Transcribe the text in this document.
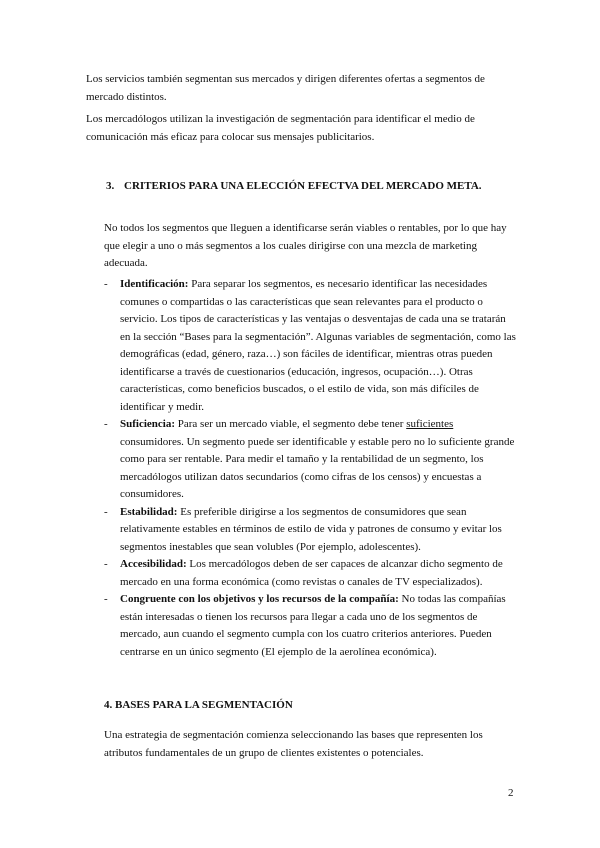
Los servicios también segmentan sus mercados y dirigen diferentes ofertas a segmentos de mercado distintos.

Los mercadólogos utilizan la investigación de segmentación para identificar el medio de comunicación más eficaz para colocar sus mensajes publicitarios.

3. CRITERIOS PARA UNA ELECCIÓN EFECTVA DEL MERCADO META.

No todos los segmentos que lleguen a identificarse serán viables o rentables, por lo que hay que elegir a uno o más segmentos a los cuales dirigirse con una mezcla de marketing adecuada.

- Identificación: Para separar los segmentos, es necesario identificar las necesidades comunes o compartidas o las características que sean relevantes para el producto o servicio. Los tipos de características y las ventajas o desventajas de cada una se tratarán en la sección “Bases para la segmentación”. Algunas variables de segmentación, como las demográficas (edad, género, raza…) son fáciles de identificar, mientras otras pueden identificarse a través de cuestionarios (educación, ingresos, ocupación…). Otras características, como beneficios buscados, o el estilo de vida, son más difíciles de identificar y medir.
- Suficiencia: Para ser un mercado viable, el segmento debe tener suficientes consumidores. Un segmento puede ser identificable y estable pero no lo suficiente grande como para ser rentable. Para medir el tamaño y la rentabilidad de un segmento, los mercadólogos utilizan datos secundarios (como cifras de los censos) y encuestas a consumidores.
- Estabilidad: Es preferible dirigirse a los segmentos de consumidores que sean relativamente estables en términos de estilo de vida y patrones de consumo y evitar los segmentos inestables que sean volubles (Por ejemplo, adolescentes).
- Accesibilidad: Los mercadólogos deben de ser capaces de alcanzar dicho segmento de mercado en una forma económica (como revistas o canales de TV especializados).
- Congruente con los objetivos y los recursos de la compañía: No todas las compañías están interesadas o tienen los recursos para llegar a cada uno de los segmentos de mercado, aun cuando el segmento cumpla con los cuatro criterios anteriores. Pueden centrarse en un único segmento (El ejemplo de la aerolínea económica).
4. BASES PARA LA SEGMENTACIÓN

Una estrategia de segmentación comienza seleccionando las bases que representen los atributos fundamentales de un grupo de clientes existentes o potenciales.

2
